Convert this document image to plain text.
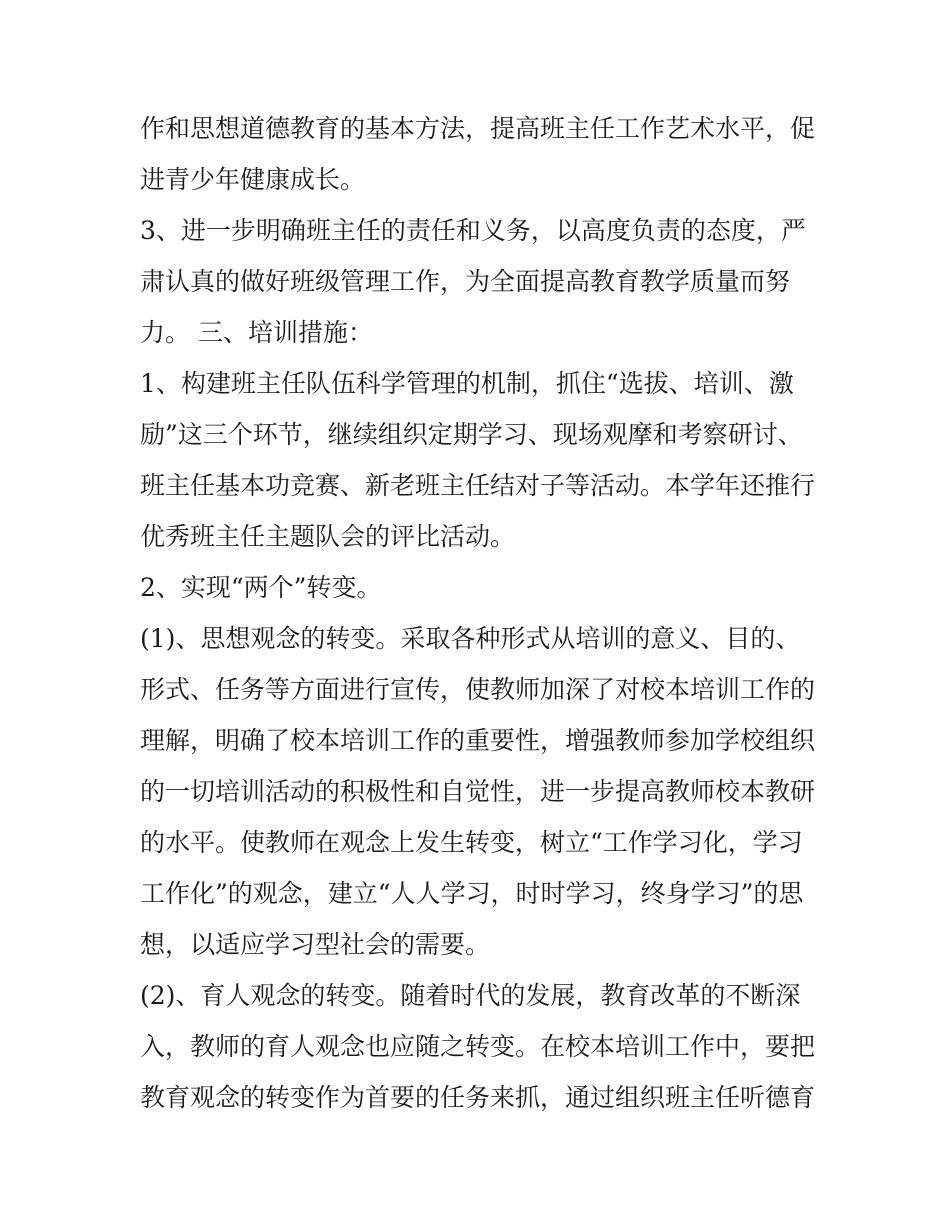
作和思想道德教育的基本方法，提高班主任工作艺术水平，促
进青少年健康成长。
3、进一步明确班主任的责任和义务，以高度负责的态度，严
肃认真的做好班级管理工作，为全面提高教育教学质量而努
力。 三、培训措施：
1、构建班主任队伍科学管理的机制，抓住“选拔、培训、激
励”这三个环节，继续组织定期学习、现场观摩和考察研讨、
班主任基本功竞赛、新老班主任结对子等活动。本学年还推行
优秀班主任主题队会的评比活动。
2、实现“两个”转变。
(1)、思想观念的转变。采取各种形式从培训的意义、目的、
形式、任务等方面进行宣传，使教师加深了对校本培训工作的
理解，明确了校本培训工作的重要性，增强教师参加学校组织
的一切培训活动的积极性和自觉性，进一步提高教师校本教研
的水平。使教师在观念上发生转变，树立“工作学习化，学习
工作化”的观念，建立“人人学习，时时学习，终身学习”的思
想，以适应学习型社会的需要。
(2)、育人观念的转变。随着时代的发展，教育改革的不断深
入，教师的育人观念也应随之转变。在校本培训工作中，要把
教育观念的转变作为首要的任务来抓，通过组织班主任听德育
